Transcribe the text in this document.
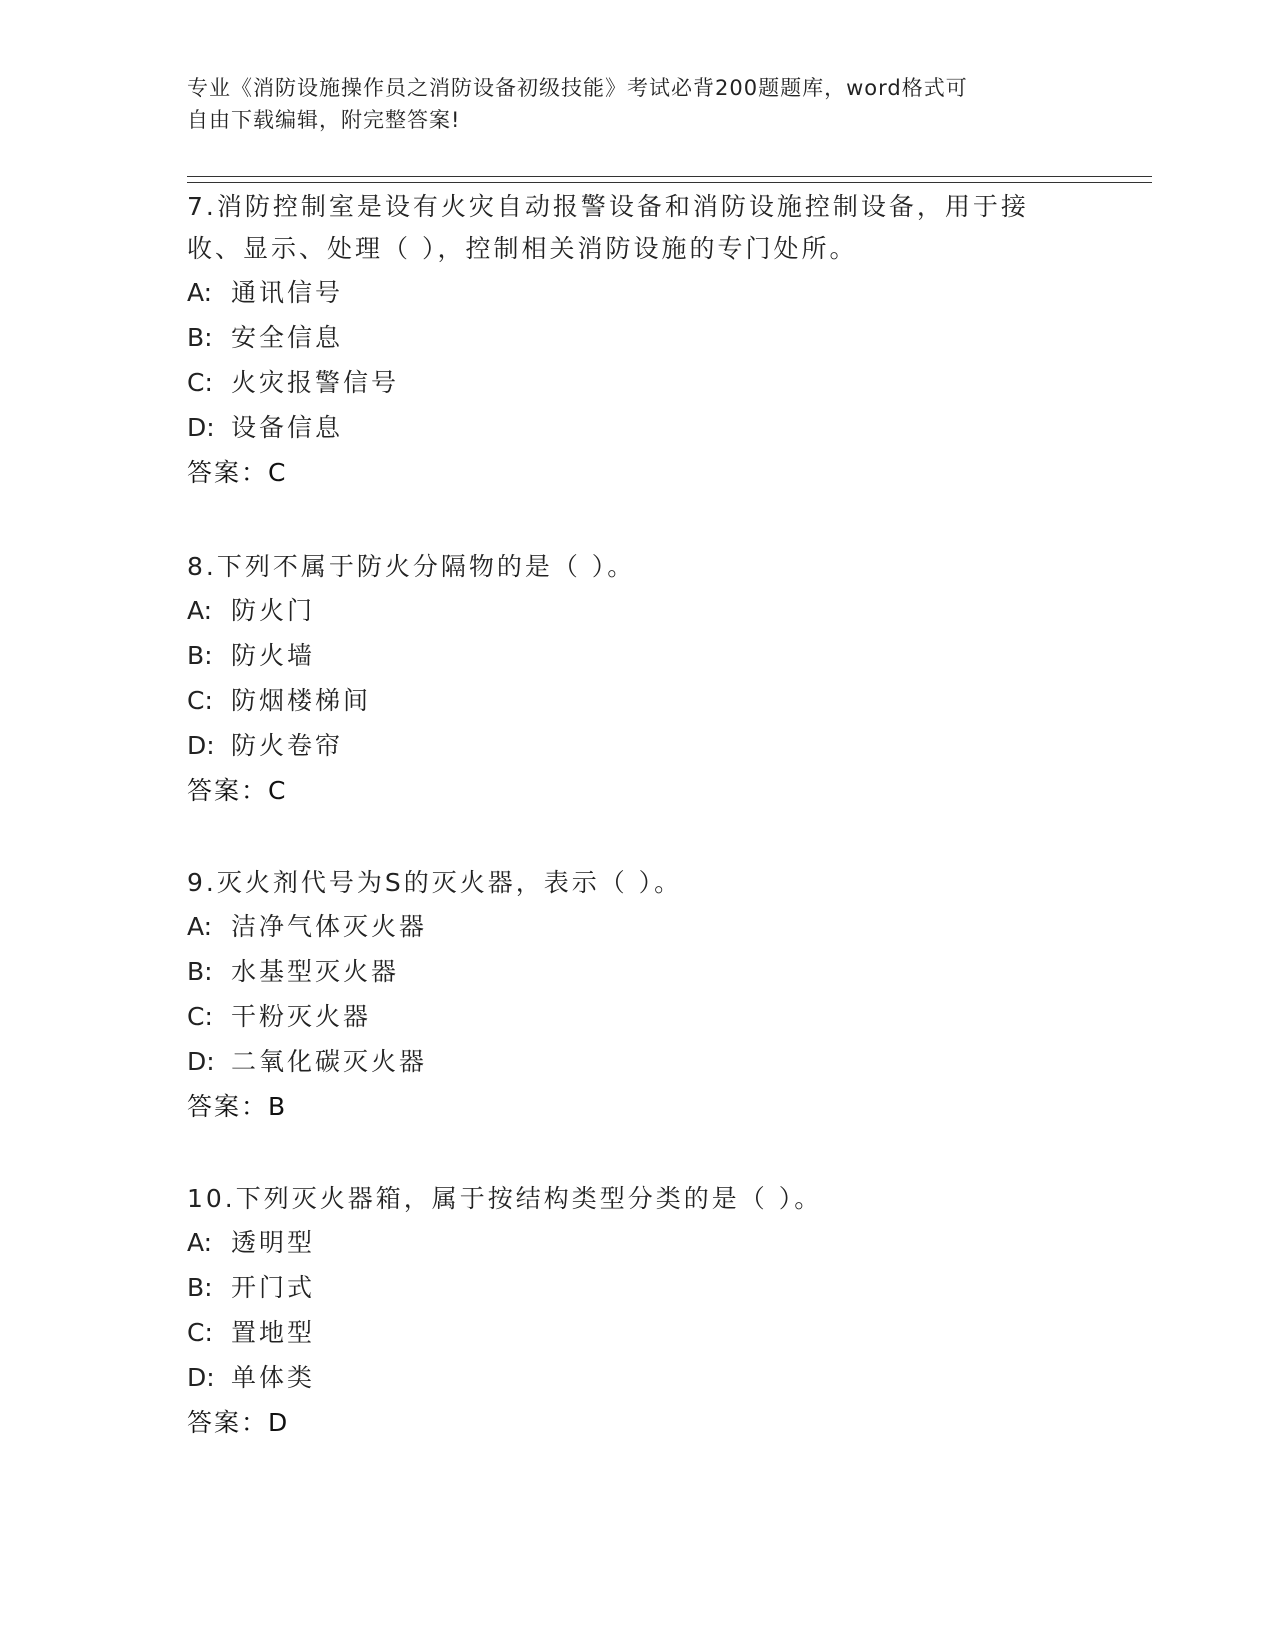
专业《消防设施操作员之消防设备初级技能》考试必背200题题库，word格式可
自由下载编辑，附完整答案!
7.消防控制室是设有火灾自动报警设备和消防设施控制设备，用于接
收、显示、处理（ ），控制相关消防设施的专门处所。
A: 通讯信号
B: 安全信息
C: 火灾报警信号
D: 设备信息
答案：C
8.下列不属于防火分隔物的是（ ）。
A: 防火门
B: 防火墙
C: 防烟楼梯间
D: 防火卷帘
答案：C
9.灭火剂代号为S的灭火器，表示（ ）。
A: 洁净气体灭火器
B: 水基型灭火器
C: 干粉灭火器
D: 二氧化碳灭火器
答案：B
10.下列灭火器箱，属于按结构类型分类的是（ ）。
A: 透明型
B: 开门式
C: 置地型
D: 单体类
答案：D
